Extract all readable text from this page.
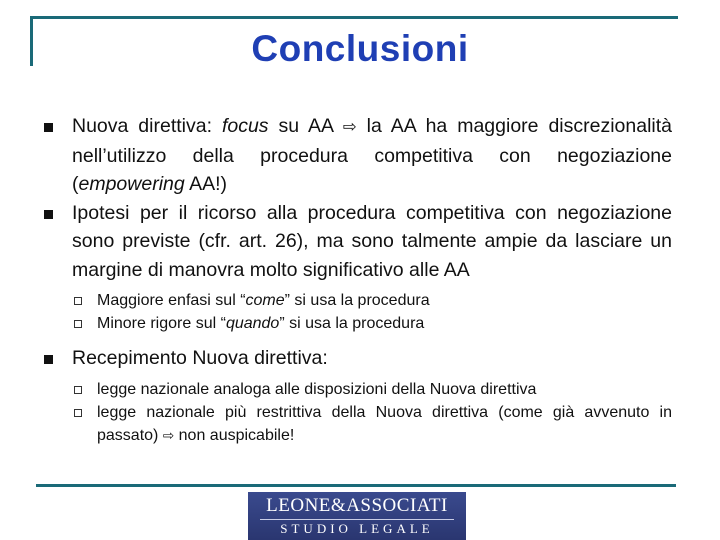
Conclusioni
Nuova direttiva: focus su AA ⇨ la AA ha maggiore discrezionalità nell’utilizzo della procedura competitiva con negoziazione (empowering AA!)
Ipotesi per il ricorso alla procedura competitiva con negoziazione sono previste (cfr. art. 26), ma sono talmente ampie da lasciare un margine di manovra molto significativo alle AA
Maggiore enfasi sul “come” si usa la procedura
Minore rigore sul “quando” si usa la procedura
Recepimento Nuova direttiva:
legge nazionale analoga alle disposizioni della Nuova direttiva
legge nazionale più restrittiva della Nuova direttiva (come già avvenuto in passato) ⇨ non auspicabile!
LEONE&ASSOCIATI
STUDIO LEGALE
